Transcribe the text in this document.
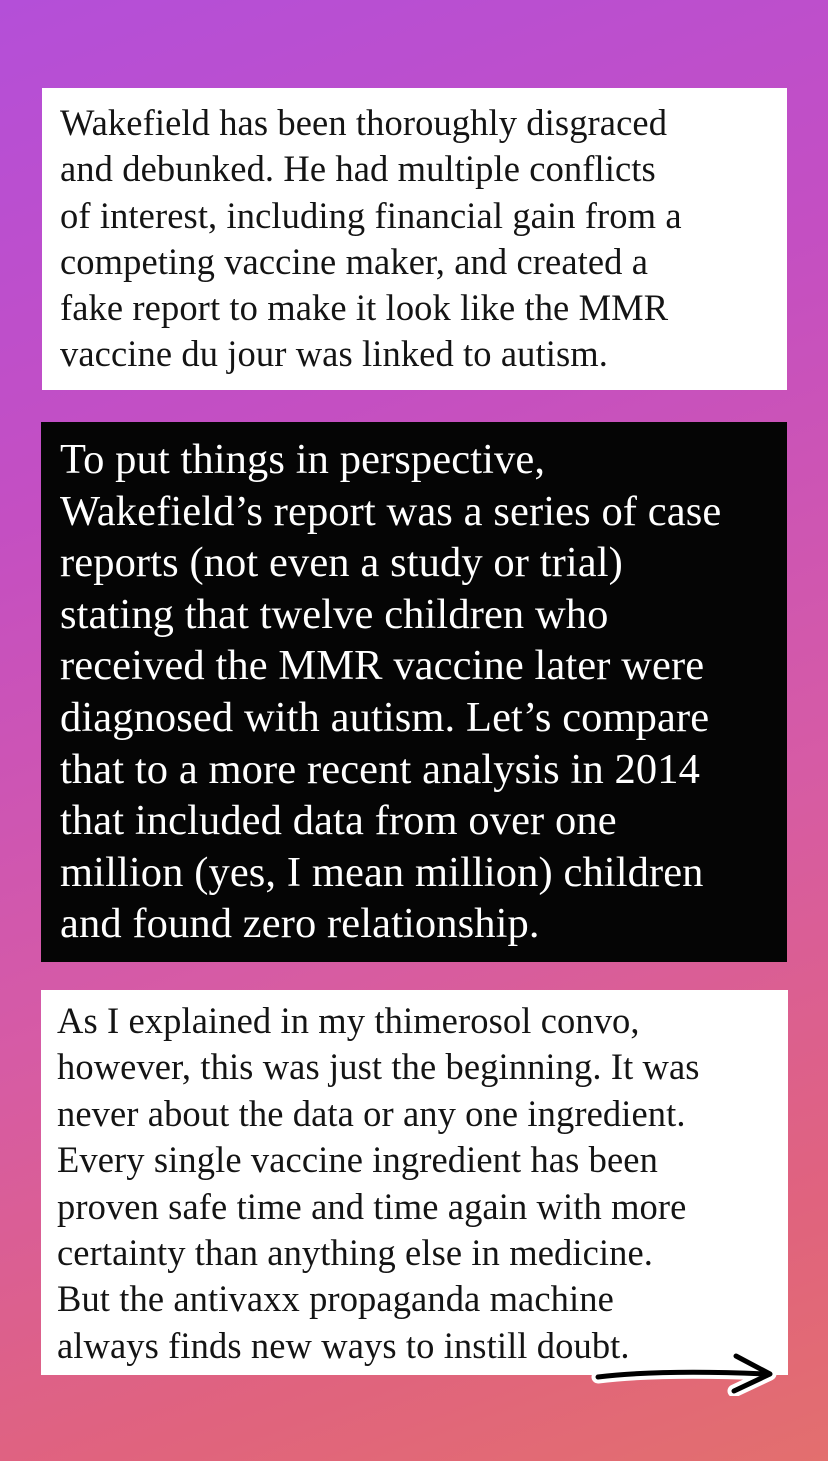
Wakefield has been thoroughly disgraced
and debunked. He had multiple conflicts
of interest, including financial gain from a
competing vaccine maker, and created a
fake report to make it look like the MMR
vaccine du jour was linked to autism.

To put things in perspective,
Wakefield’s report was a series of case
reports (not even a study or trial)
stating that twelve children who
received the MMR vaccine later were
diagnosed with autism. Let’s compare
that to a more recent analysis in 2014
that included data from over one
million (yes, I mean million) children
and found zero relationship.

As I explained in my thimerosol convo,
however, this was just the beginning. It was
never about the data or any one ingredient.
Every single vaccine ingredient has been
proven safe time and time again with more
certainty than anything else in medicine.
But the antivaxx propaganda machine
always finds new ways to instill doubt.
